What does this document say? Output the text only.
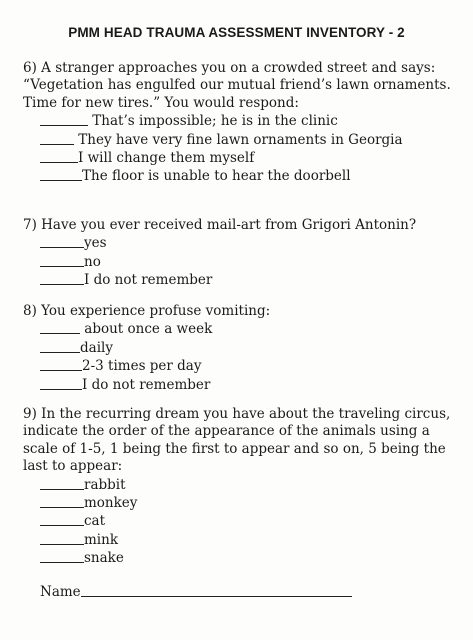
PMM HEAD TRAUMA ASSESSMENT INVENTORY - 2
6) A stranger approaches you on a crowded street and says: “Vegetation has engulfed our mutual friend’s lawn ornaments. Time for new tires.” You would respond:
That’s impossible; he is in the clinic
They have very fine lawn ornaments in Georgia
I will change them myself
The floor is unable to hear the doorbell
7) Have you ever received mail-art from Grigori Antonin?
yes
no
I do not remember
8) You experience profuse vomiting:
about once a week
daily
2-3 times per day
I do not remember
9) In the recurring dream you have about the traveling circus, indicate the order of the appearance of the animals using a scale of 1-5, 1 being the first to appear and so on, 5 being the last to appear:
rabbit
monkey
cat
mink
snake
Name
